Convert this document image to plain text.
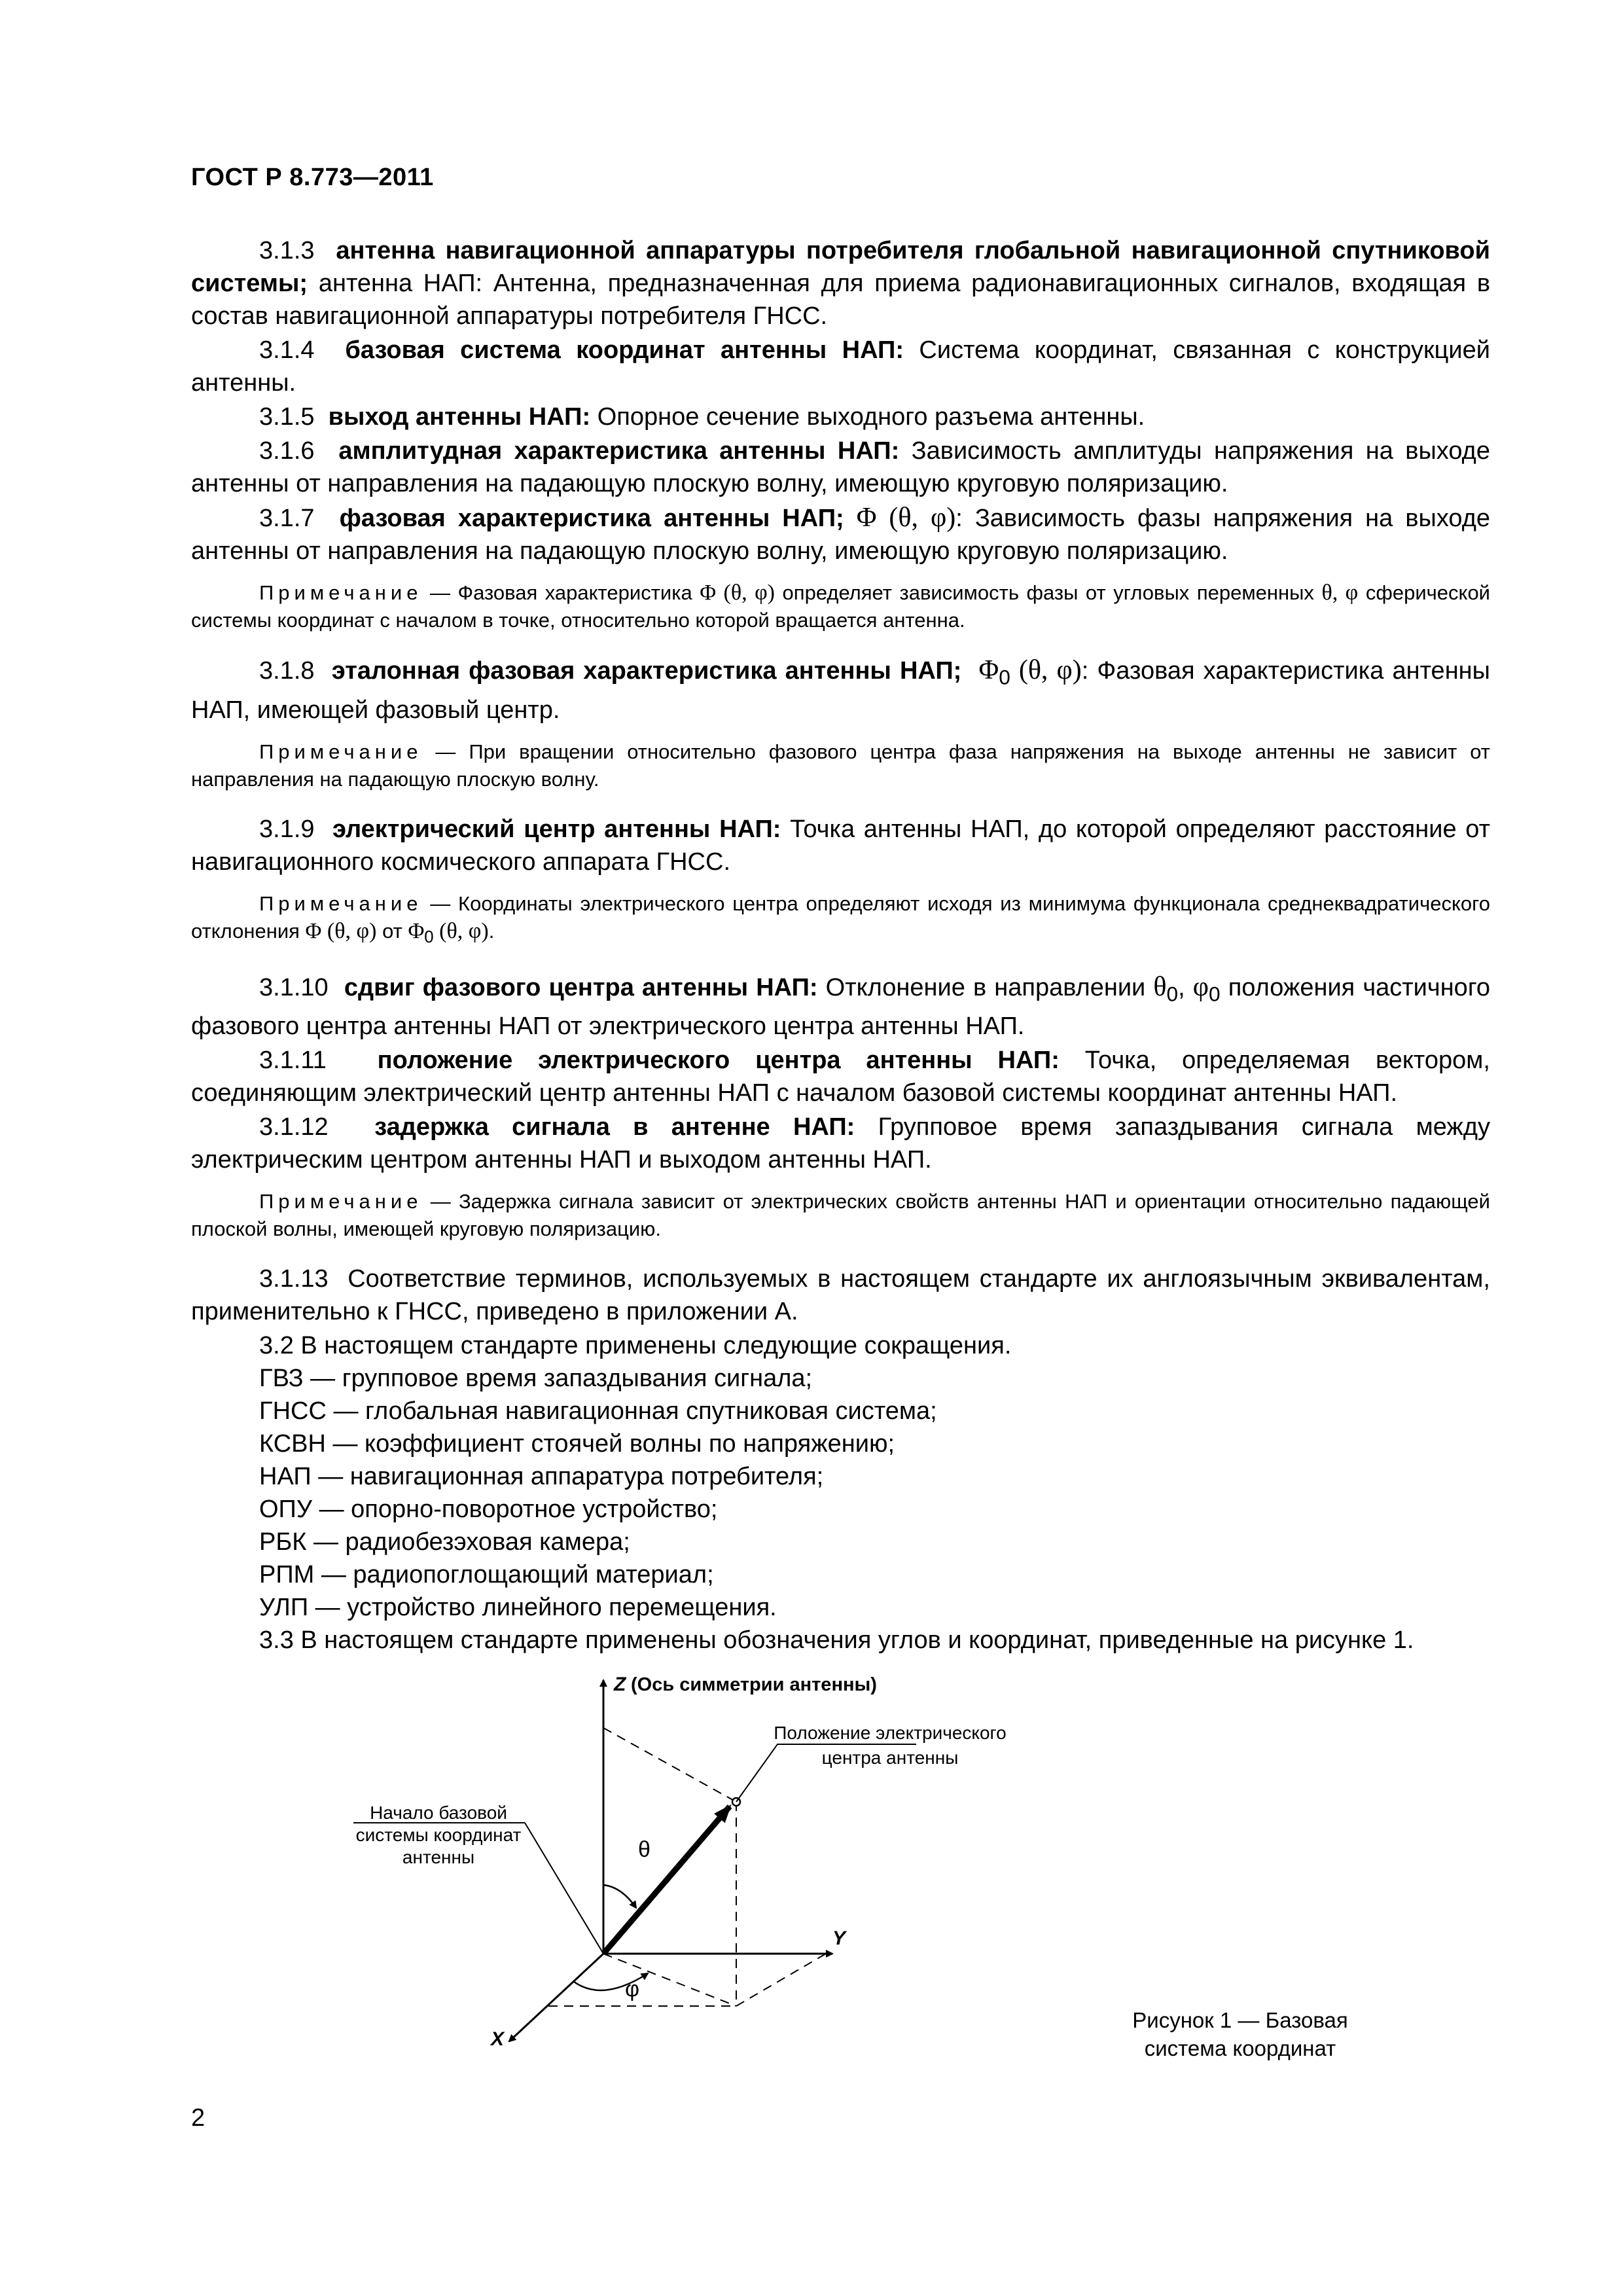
ГОСТ Р 8.773—2011

3.1.3 антенна навигационной аппаратуры потребителя глобальной навигационной спутниковой системы; антенна НАП: Антенна, предназначенная для приема радионавигационных сигналов, входящая в состав навигационной аппаратуры потребителя ГНСС.

3.1.4 базовая система координат антенны НАП: Система координат, связанная с конструкцией антенны.

3.1.5 выход антенны НАП: Опорное сечение выходного разъема антенны.

3.1.6 амплитудная характеристика антенны НАП: Зависимость амплитуды напряжения на выходе антенны от направления на падающую плоскую волну, имеющую круговую поляризацию.

3.1.7 фазовая характеристика антенны НАП; Φ (θ, φ): Зависимость фазы напряжения на выходе антенны от направления на падающую плоскую волну, имеющую круговую поляризацию.

Примечание — Фазовая характеристика Φ (θ, φ) определяет зависимость фазы от угловых переменных θ, φ сферической системы координат с началом в точке, относительно которой вращается антенна.

3.1.8 эталонная фазовая характеристика антенны НАП; $\Phi_0$ (θ, φ): Фазовая характеристика антенны НАП, имеющей фазовый центр.

Примечание — При вращении относительно фазового центра фаза напряжения на выходе антенны не зависит от направления на падающую плоскую волну.

3.1.9 электрический центр антенны НАП: Точка антенны НАП, до которой определяют расстояние от навигационного космического аппарата ГНСС.

Примечание — Координаты электрического центра определяют исходя из минимума функционала среднеквадратического отклонения Φ (θ, φ) от $\Phi_0$ (θ, φ).

3.1.10 сдвиг фазового центра антенны НАП: Отклонение в направлении $\theta_0$, $\varphi_0$ положения частичного фазового центра антенны НАП от электрического центра антенны НАП.

3.1.11 положение электрического центра антенны НАП: Точка, определяемая вектором, соединяющим электрический центр антенны НАП с началом базовой системы координат антенны НАП.

3.1.12 задержка сигнала в антенне НАП: Групповое время запаздывания сигнала между электрическим центром антенны НАП и выходом антенны НАП.

Примечание — Задержка сигнала зависит от электрических свойств антенны НАП и ориентации относительно падающей плоской волны, имеющей круговую поляризацию.

3.1.13 Соответствие терминов, используемых в настоящем стандарте их англоязычным эквивалентам, применительно к ГНСС, приведено в приложении А.

3.2 В настоящем стандарте применены следующие сокращения.

ГВЗ — групповое время запаздывания сигнала;

ГНСС — глобальная навигационная спутниковая система;

КСВН — коэффициент стоячей волны по напряжению;

НАП — навигационная аппаратура потребителя;

ОПУ — опорно-поворотное устройство;

РБК — радиобезэховая камера;

РПМ — радиопоглощающий материал;

УЛП — устройство линейного перемещения.

3.3 В настоящем стандарте применены обозначения углов и координат, приведенные на рисунке 1.

Z (Ось симметрии антенны)
Y
X
θ
φ
Начало базовой
системы координат
антенны
Положение электрического
центра антенны
Рисунок 1 — Базовая
система координат
2
